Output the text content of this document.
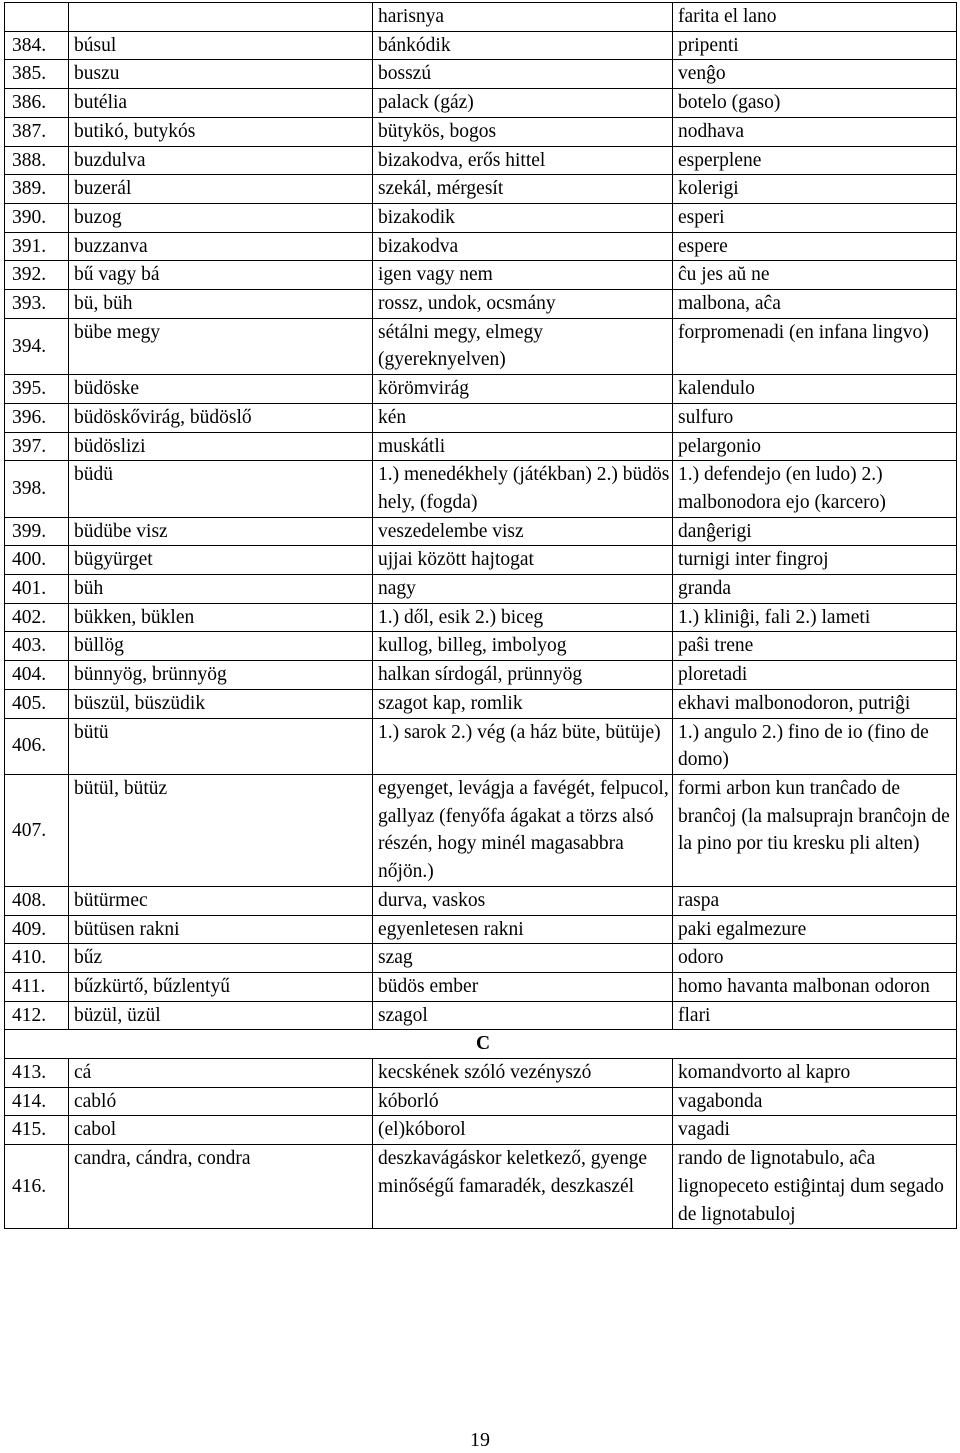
		harisnya	farita el lano
384.	búsul	bánkódik	pripenti
385.	buszu	bosszú	venĝo
386.	butélia	palack (gáz)	botelo (gaso)
387.	butikó, butykós	bütykös, bogos	nodhava
388.	buzdulva	bizakodva, erős hittel	esperplene
389.	buzerál	szekál, mérgesít	kolerigi
390.	buzog	bizakodik	esperi
391.	buzzanva	bizakodva	espere
392.	bű vagy bá	igen vagy nem	ĉu jes aŭ ne
393.	bü, büh	rossz, undok, ocsmány	malbona, aĉa
394.	bübe megy	sétálni megy, elmegy (gyereknyelven)	forpromenadi (en infana lingvo)
395.	büdöske	körömvirág	kalendulo
396.	büdöskővirág, büdöslő	kén	sulfuro
397.	büdöslizi	muskátli	pelargonio
398.	büdü	1.) menedékhely (játékban) 2.) büdös hely, (fogda)	1.) defendejo (en ludo) 2.) malbonodora ejo (karcero)
399.	büdübe visz	veszedelembe visz	danĝerigi
400.	bügyürget	ujjai között hajtogat	turnigi inter fingroj
401.	büh	nagy	granda
402.	bükken, büklen	1.) dől, esik 2.) biceg	1.) kliniĝi, fali 2.) lameti
403.	büllög	kullog, billeg, imbolyog	paŝi trene
404.	bünnyög, brünnyög	halkan sírdogál, prünnyög	ploretadi
405.	büszül, büszüdik	szagot kap, romlik	ekhavi malbonodoron, putriĝi
406.	bütü	1.) sarok 2.) vég (a ház büte, bütüje)	1.) angulo 2.) fino de io (fino de domo)
407.	bütül, bütüz	egyenget, levágja a favégét, felpucol, gallyaz (fenyőfa ágakat a törzs alsó részén, hogy minél magasabbra nőjön.)	formi arbon kun tranĉado de branĉoj (la malsuprajn branĉojn de la pino por tiu kresku pli alten)
408.	bütürmec	durva, vaskos	raspa
409.	bütüsen rakni	egyenletesen rakni	paki egalmezure
410.	bűz	szag	odoro
411.	bűzkürtő, bűzlentyű	büdös ember	homo havanta malbonan odoron
412.	büzül, üzül	szagol	flari
C			
413.	cá	kecskének szóló vezényszó	komandvorto al kapro
414.	cabló	kóborló	vagabonda
415.	cabol	(el)kóborol	vagadi
416.	candra, cándra, condra	deszkavágáskor keletkező, gyenge minőségű famaradék, deszkaszél	rando de lignotabulo, aĉa lignopeceto estiĝintaj dum segado de lignotabuloj
19
